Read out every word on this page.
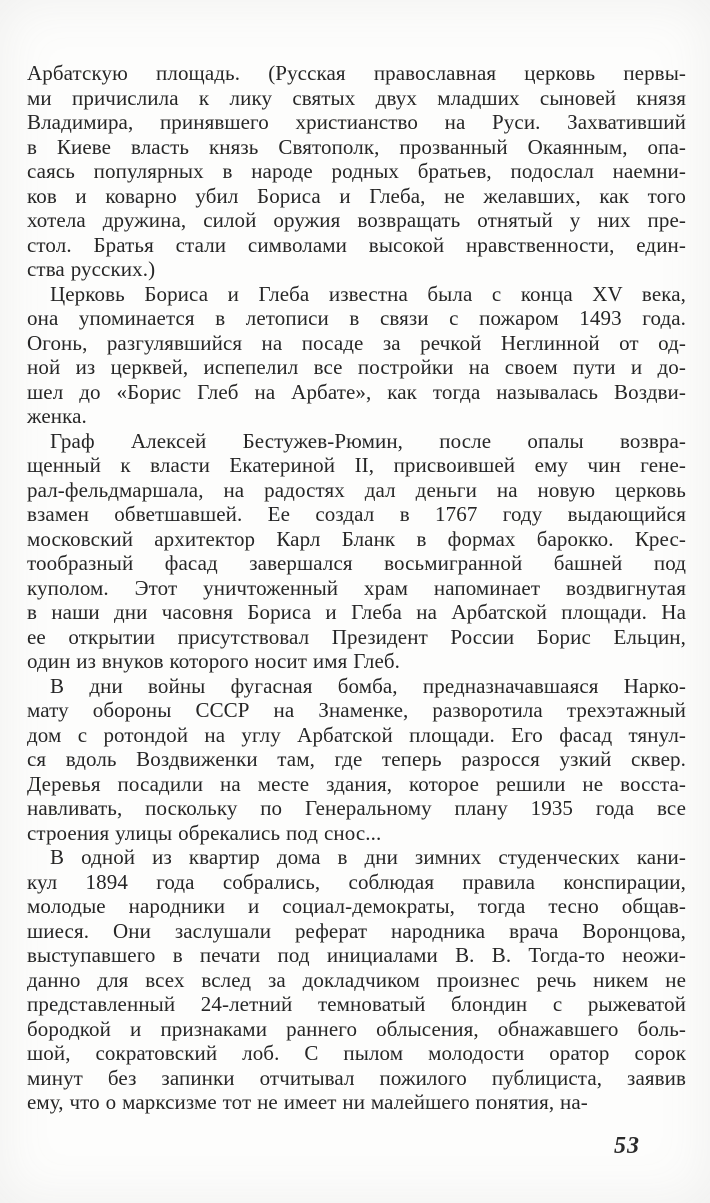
Арбатскую площадь. (Русская православная церковь первы-
ми причислила к лику святых двух младших сыновей князя
Владимира, принявшего христианство на Руси. Захвативший
в Киеве власть князь Святополк, прозванный Окаянным, опа-
саясь популярных в народе родных братьев, подослал наемни-
ков и коварно убил Бориса и Глеба, не желавших, как того
хотела дружина, силой оружия возвращать отнятый у них пре-
стол. Братья стали символами высокой нравственности, един-
ства русских.)
Церковь Бориса и Глеба известна была с конца XV века,
она упоминается в летописи в связи с пожаром 1493 года.
Огонь, разгулявшийся на посаде за речкой Неглинной от од-
ной из церквей, испепелил все постройки на своем пути и до-
шел до «Борис Глеб на Арбате», как тогда называлась Воздви-
женка.
Граф Алексей Бестужев-Рюмин, после опалы возвра-
щенный к власти Екатериной II, присвоившей ему чин гене-
рал-фельдмаршала, на радостях дал деньги на новую церковь
взамен обветшавшей. Ее создал в 1767 году выдающийся
московский архитектор Карл Бланк в формах барокко. Крес-
тообразный фасад завершался восьмигранной башней под
куполом. Этот уничтоженный храм напоминает воздвигнутая
в наши дни часовня Бориса и Глеба на Арбатской площади. На
ее открытии присутствовал Президент России Борис Ельцин,
один из внуков которого носит имя Глеб.
В дни войны фугасная бомба, предназначавшаяся Нарко-
мату обороны СССР на Знаменке, разворотила трехэтажный
дом с ротондой на углу Арбатской площади. Его фасад тянул-
ся вдоль Воздвиженки там, где теперь разросся узкий сквер.
Деревья посадили на месте здания, которое решили не восста-
навливать, поскольку по Генеральному плану 1935 года все
строения улицы обрекались под снос...
В одной из квартир дома в дни зимних студенческих кани-
кул 1894 года собрались, соблюдая правила конспирации,
молодые народники и социал-демократы, тогда тесно общав-
шиеся. Они заслушали реферат народника врача Воронцова,
выступавшего в печати под инициалами В. В. Тогда-то неожи-
данно для всех вслед за докладчиком произнес речь никем не
представленный 24-летний темноватый блондин с рыжеватой
бородкой и признаками раннего облысения, обнажавшего боль-
шой, сократовский лоб. С пылом молодости оратор сорок
минут без запинки отчитывал пожилого публициста, заявив
ему, что о марксизме тот не имеет ни малейшего понятия, на-
53
